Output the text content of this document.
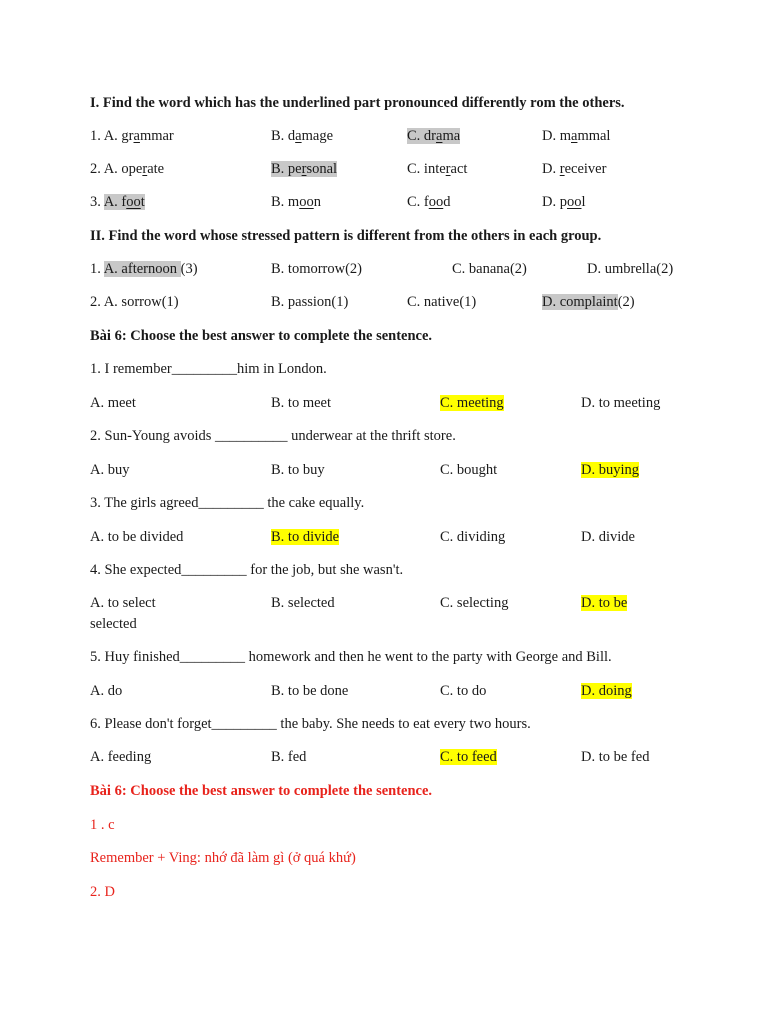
I. Find the word which has the underlined part pronounced differently rom the others.
1. A. grammar	B. damage	C. drama	D. mammal
2. A. operate	B. personal	C. interact	D. receiver
3. A. foot	B. moon	C. food	D. pool
II. Find the word whose stressed pattern is different from the others in each group.
1. A. afternoon (3)	B. tomorrow(2)	C. banana(2)	D. umbrella(2)
2. A. sorrow(1)	B. passion(1)	C. native(1)	D. complaint(2)
Bài 6: Choose the best answer to complete the sentence.
1. I remember_________him in London.
A. meet	B. to meet	C. meeting	D. to meeting
2. Sun-Young avoids __________ underwear at the thrift store.
A. buy	B. to buy	C. bought	D. buying
3. The girls agreed_________ the cake equally.
A. to be divided	B. to divide	C. dividing	D. divide
4. She expected_________ for the job, but she wasn't.
A. to select	B. selected	C. selecting	D. to be
selected
5. Huy finished_________ homework and then he went to the party with George and Bill.
A. do	B. to be done	C. to do	D. doing
6. Please don't forget_________ the baby. She needs to eat every two hours.
A. feeding	B. fed	C. to feed	D. to be fed
Bài 6: Choose the best answer to complete the sentence.
1 . c
Remember + Ving: nhớ đã làm gì (ở quá khứ)
2. D
